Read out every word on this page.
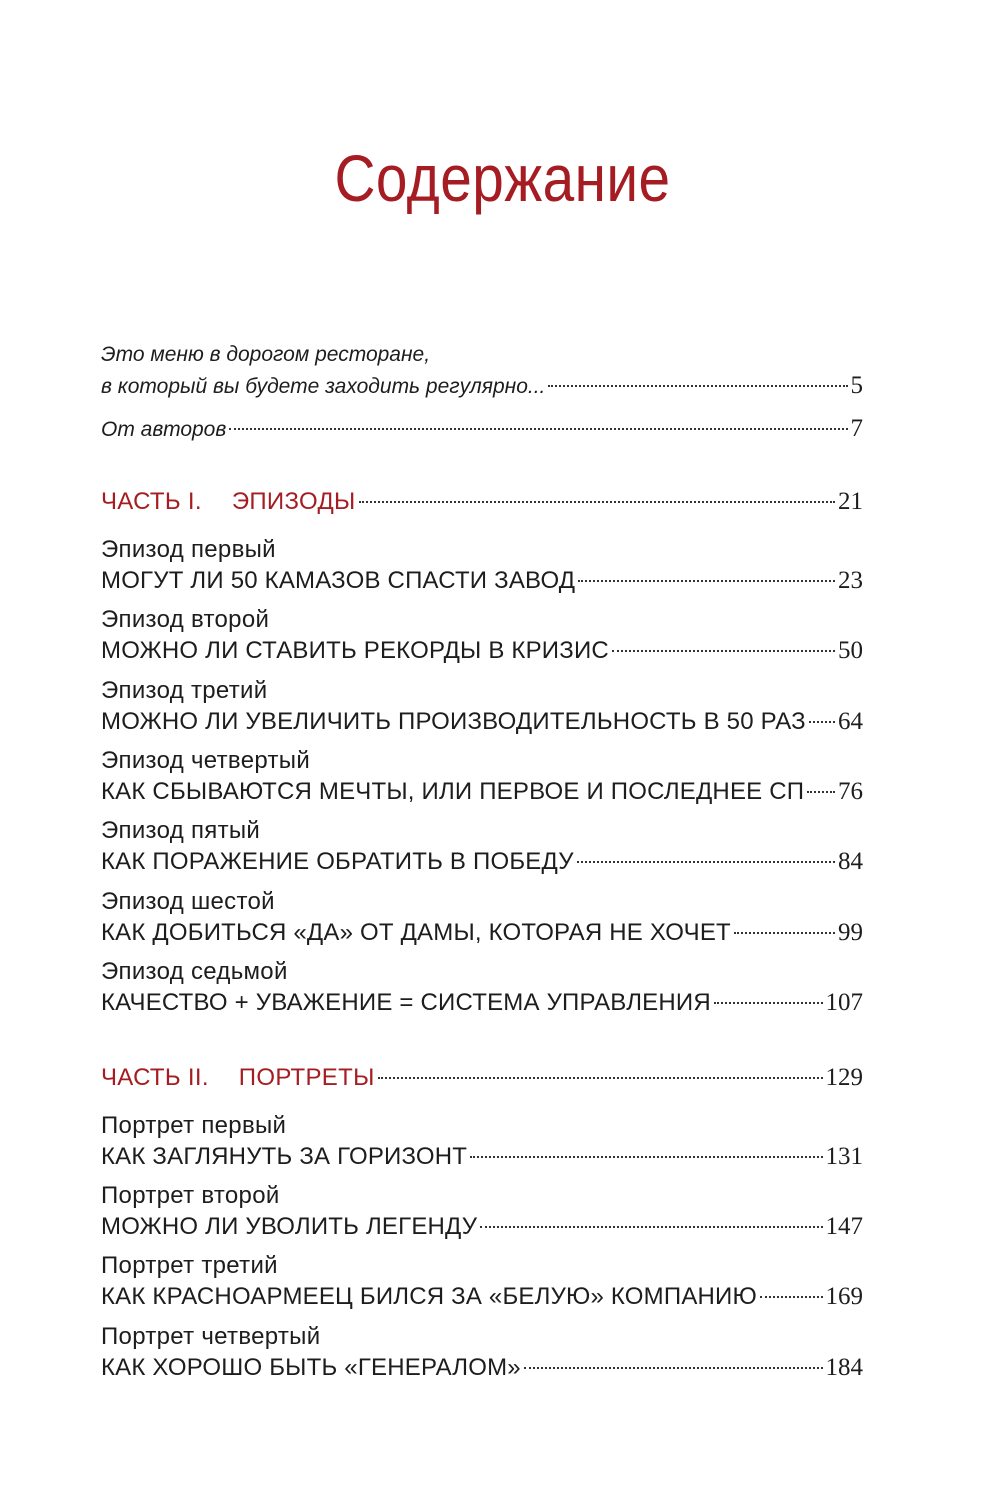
Содержание
Это меню в дорогом ресторане,
в который вы будете заходить регулярно...	5
От авторов	7
ЧАСТЬ I. ЭПИЗОДЫ	21
Эпизод первый
МОГУТ ЛИ 50 КАМАЗОВ СПАСТИ ЗАВОД	23
Эпизод второй
МОЖНО ЛИ СТАВИТЬ РЕКОРДЫ В КРИЗИС	50
Эпизод третий
МОЖНО ЛИ УВЕЛИЧИТЬ ПРОИЗВОДИТЕЛЬНОСТЬ В 50 РАЗ 64
Эпизод четвертый
КАК СБЫВАЮТСЯ МЕЧТЫ, ИЛИ ПЕРВОЕ И ПОСЛЕДНЕЕ СП 76
Эпизод пятый
КАК ПОРАЖЕНИЕ ОБРАТИТЬ В ПОБЕДУ	84
Эпизод шестой
КАК ДОБИТЬСЯ «ДА» ОТ ДАМЫ, КОТОРАЯ НЕ ХОЧЕТ	99
Эпизод седьмой
КАЧЕСТВО + УВАЖЕНИЕ = СИСТЕМА УПРАВЛЕНИЯ	107
ЧАСТЬ II. ПОРТРЕТЫ	129
Портрет первый
КАК ЗАГЛЯНУТЬ ЗА ГОРИЗОНТ	131
Портрет второй
МОЖНО ЛИ УВОЛИТЬ ЛЕГЕНДУ	147
Портрет третий
КАК КРАСНОАРМЕЕЦ БИЛСЯ ЗА «БЕЛУЮ» КОМПАНИЮ	169
Портрет четвертый
КАК ХОРОШО БЫТЬ «ГЕНЕРАЛОМ»	184
